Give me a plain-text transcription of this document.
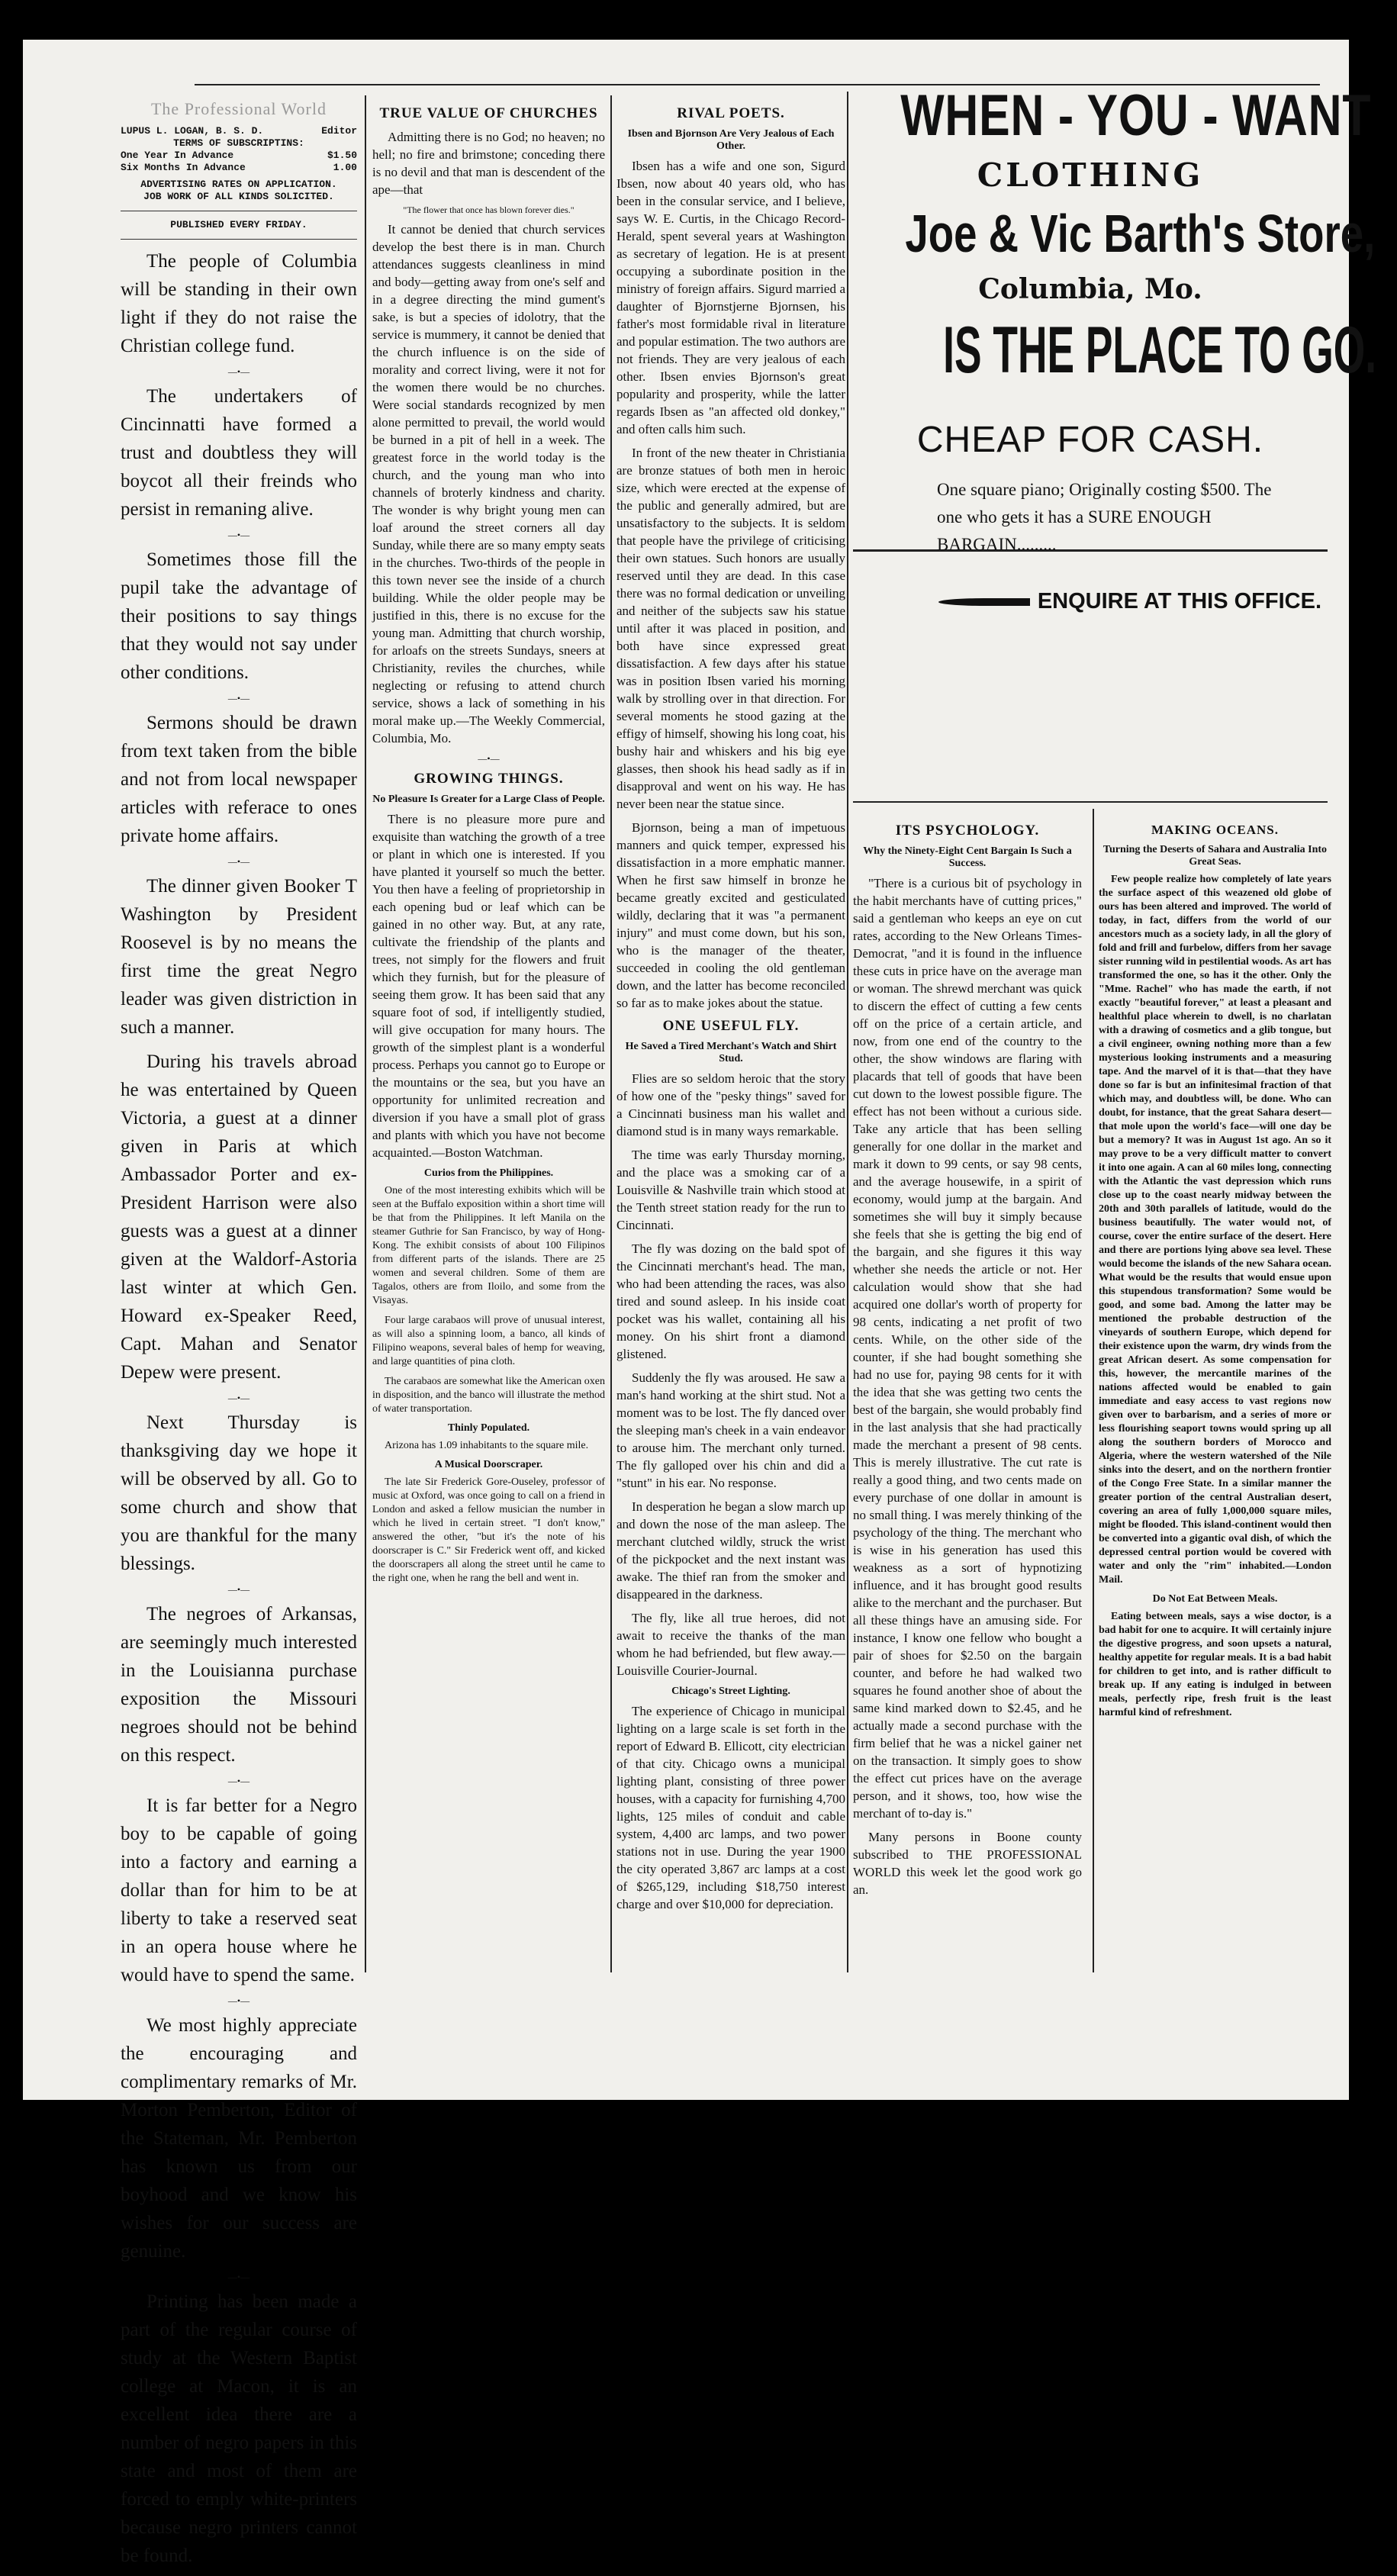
The Professional World
LUPUS L. LOGAN, B. S. D.	Editor
TERMS OF SUBSCRIPTINS:
One Year In Advance	$1.50
Six Months In Advance	1.00
ADVERTISING RATES ON APPLICATION.
JOB WORK OF ALL KINDS SOLICITED.
PUBLISHED EVERY FRIDAY.

The people of Columbia will be standing in their own light if they do not raise the Christian college fund.

—•—

The undertakers of Cincinnatti have formed a trust and doubtless they will boycot all their freinds who persist in remaning alive.

—•—

Sometimes those fill the pupil take the advantage of their positions to say things that they would not say under other conditions.

—•—

Sermons should be drawn from text taken from the bible and not from local newspaper articles with referace to ones private home affairs.

—•—

The dinner given Booker T Washington by President Roosevel is by no means the first time the great Negro leader was given distriction in such a manner.

During his travels abroad he was entertained by Queen Victoria, a guest at a dinner given in Paris at which Ambassador Porter and ex-President Harrison were also guests was a guest at a dinner given at the Waldorf-Astoria last winter at which Gen. Howard ex-Speaker Reed, Capt. Mahan and Senator Depew were present.

—•—

Next Thursday is thanksgiving day we hope it will be observed by all. Go to some church and show that you are thankful for the many blessings.

—•—

The negroes of Arkansas, are seemingly much interested in the Louisianna purchase exposition the Missouri negroes should not be behind on this respect.

—•—

It is far better for a Negro boy to be capable of going into a factory and earning a dollar than for him to be at liberty to take a reserved seat in an opera house where he would have to spend the same.

—•—

We most highly appreciate the encouraging and complimentary remarks of Mr. Morton Pemberton, Editor of the Stateman, Mr. Pemberton has known us from our boyhood and we know his wishes for our success are genuine.

—•—

Printing has been made a part of the regular course of study at the Western Baptist college at Macon, it is an excellent idea there are a number of negro papers in this state and most of them are forced to emply white-printers because negro printers cannot be found.

TRUE VALUE OF CHURCHES

Admitting there is no God; no heaven; no hell; no fire and brimstone; conceding there is no devil and that man is descendent of the ape—that

"The flower that once has blown forever dies."

It cannot be denied that church services develop the best there is in man. Church attendances suggests cleanliness in mind and body—getting away from one's self and in a degree directing the mind gument's sake, is but a species of idolotry, that the service is mummery, it cannot be denied that the church influence is on the side of morality and correct living, were it not for the women there would be no churches. Were social standards recognized by men alone permitted to prevail, the world would be burned in a pit of hell in a week. The greatest force in the world today is the church, and the young man who into channels of broterly kindness and charity. The wonder is why bright young men can loaf around the street corners all day Sunday, while there are so many empty seats in the churches. Two-thirds of the people in this town never see the inside of a church building. While the older people may be justified in this, there is no excuse for the young man. Admitting that church worship, for arloafs on the streets Sundays, sneers at Christianity, reviles the churches, while neglecting or refusing to attend church service, shows a lack of something in his moral make up.—The Weekly Commercial, Columbia, Mo.

—•—
GROWING THINGS.
No Pleasure Is Greater for a Large Class of People.

There is no pleasure more pure and exquisite than watching the growth of a tree or plant in which one is interested. If you have planted it yourself so much the better. You then have a feeling of proprietorship in each opening bud or leaf which can be gained in no other way. But, at any rate, cultivate the friendship of the plants and trees, not simply for the flowers and fruit which they furnish, but for the pleasure of seeing them grow. It has been said that any square foot of sod, if intelligently studied, will give occupation for many hours. The growth of the simplest plant is a wonderful process. Perhaps you cannot go to Europe or the mountains or the sea, but you have an opportunity for unlimited recreation and diversion if you have a small plot of grass and plants with which you have not become acquainted.—Boston Watchman.

Curios from the Philippines.

One of the most interesting exhibits which will be seen at the Buffalo exposition within a short time will be that from the Philippines. It left Manila on the steamer Guthrie for San Francisco, by way of Hong-Kong. The exhibit consists of about 100 Filipinos from different parts of the islands. There are 25 women and several children. Some of them are Tagalos, others are from Iloilo, and some from the Visayas.

Four large carabaos will prove of unusual interest, as will also a spinning loom, a banco, all kinds of Filipino weapons, several bales of hemp for weaving, and large quantities of pina cloth.

The carabaos are somewhat like the American oxen in disposition, and the banco will illustrate the method of water transportation.

Thinly Populated.

Arizona has 1.09 inhabitants to the square mile.

A Musical Doorscraper.

The late Sir Frederick Gore-Ouseley, professor of music at Oxford, was once going to call on a friend in London and asked a fellow musician the number in which he lived in certain street. "I don't know," answered the other, "but it's the note of his doorscraper is C." Sir Frederick went off, and kicked the doorscrapers all along the street until he came to the right one, when he rang the bell and went in.

RIVAL POETS.
Ibsen and Bjornson Are Very Jealous of Each Other.

Ibsen has a wife and one son, Sigurd Ibsen, now about 40 years old, who has been in the consular service, and I believe, says W. E. Curtis, in the Chicago Record-Herald, spent several years at Washington as secretary of legation. He is at present occupying a subordinate position in the ministry of foreign affairs. Sigurd married a daughter of Bjornstjerne Bjornsen, his father's most formidable rival in literature and popular estimation. The two authors are not friends. They are very jealous of each other. Ibsen envies Bjornson's great popularity and prosperity, while the latter regards Ibsen as "an affected old donkey," and often calls him such.

In front of the new theater in Christiania are bronze statues of both men in heroic size, which were erected at the expense of the public and generally admired, but are unsatisfactory to the subjects. It is seldom that people have the privilege of criticising their own statues. Such honors are usually reserved until they are dead. In this case there was no formal dedication or unveiling and neither of the subjects saw his statue until after it was placed in position, and both have since expressed great dissatisfaction. A few days after his statue was in position Ibsen varied his morning walk by strolling over in that direction. For several moments he stood gazing at the effigy of himself, showing his long coat, his bushy hair and whiskers and his big eye glasses, then shook his head sadly as if in disapproval and went on his way. He has never been near the statue since.

Bjornson, being a man of impetuous manners and quick temper, expressed his dissatisfaction in a more emphatic manner. When he first saw himself in bronze he became greatly excited and gesticulated wildly, declaring that it was "a permanent injury" and must come down, but his son, who is the manager of the theater, succeeded in cooling the old gentleman down, and the latter has become reconciled so far as to make jokes about the statue.

ONE USEFUL FLY.
He Saved a Tired Merchant's Watch and Shirt Stud.

Flies are so seldom heroic that the story of how one of the "pesky things" saved for a Cincinnati business man his wallet and diamond stud is in many ways remarkable.

The time was early Thursday morning, and the place was a smoking car of a Louisville & Nashville train which stood at the Tenth street station ready for the run to Cincinnati.

The fly was dozing on the bald spot of the Cincinnati merchant's head. The man, who had been attending the races, was also tired and sound asleep. In his inside coat pocket was his wallet, containing all his money. On his shirt front a diamond glistened.

Suddenly the fly was aroused. He saw a man's hand working at the shirt stud. Not a moment was to be lost. The fly danced over the sleeping man's cheek in a vain endeavor to arouse him. The merchant only turned. The fly galloped over his chin and did a "stunt" in his ear. No response.

In desperation he began a slow march up and down the nose of the man asleep. The merchant clutched wildly, struck the wrist of the pickpocket and the next instant was awake. The thief ran from the smoker and disappeared in the darkness.

The fly, like all true heroes, did not await to receive the thanks of the man whom he had befriended, but flew away.—Louisville Courier-Journal.

Chicago's Street Lighting.

The experience of Chicago in municipal lighting on a large scale is set forth in the report of Edward B. Ellicott, city electrician of that city. Chicago owns a municipal lighting plant, consisting of three power houses, with a capacity for furnishing 4,700 lights, 125 miles of conduit and cable system, 4,400 arc lamps, and two power stations not in use. During the year 1900 the city operated 3,867 arc lamps at a cost of $265,129, including $18,750 interest charge and over $10,000 for depreciation.

WHEN - YOU - WANT
CLOTHING
Joe & Vic Barth's Store,
Columbia, Mo.
IS THE PLACE TO GO.
CHEAP FOR CASH.
One square piano; Originally costing $500. The one who gets it has a SURE ENOUGH BARGAIN.........
ENQUIRE AT THIS OFFICE.
ITS PSYCHOLOGY.
Why the Ninety-Eight Cent Bargain Is Such a Success.

"There is a curious bit of psychology in the habit merchants have of cutting prices," said a gentleman who keeps an eye on cut rates, according to the New Orleans Times-Democrat, "and it is found in the influence these cuts in price have on the average man or woman. The shrewd merchant was quick to discern the effect of cutting a few cents off on the price of a certain article, and now, from one end of the country to the other, the show windows are flaring with placards that tell of goods that have been cut down to the lowest possible figure. The effect has not been without a curious side. Take any article that has been selling generally for one dollar in the market and mark it down to 99 cents, or say 98 cents, and the average housewife, in a spirit of economy, would jump at the bargain. And sometimes she will buy it simply because she feels that she is getting the big end of the bargain, and she figures it this way whether she needs the article or not. Her calculation would show that she had acquired one dollar's worth of property for 98 cents, indicating a net profit of two cents. While, on the other side of the counter, if she had bought something she had no use for, paying 98 cents for it with the idea that she was getting two cents the best of the bargain, she would probably find in the last analysis that she had practically made the merchant a present of 98 cents. This is merely illustrative. The cut rate is really a good thing, and two cents made on every purchase of one dollar in amount is no small thing. I was merely thinking of the psychology of the thing. The merchant who is wise in his generation has used this weakness as a sort of hypnotizing influence, and it has brought good results alike to the merchant and the purchaser. But all these things have an amusing side. For instance, I know one fellow who bought a pair of shoes for $2.50 on the bargain counter, and before he had walked two squares he found another shoe of about the same kind marked down to $2.45, and he actually made a second purchase with the firm belief that he was a nickel gainer net on the transaction. It simply goes to show the effect cut prices have on the average person, and it shows, too, how wise the merchant of to-day is."

Many persons in Boone county subscribed to THE PROFESSIONAL WORLD this week let the good work go an.

MAKING OCEANS.
Turning the Deserts of Sahara and Australia Into Great Seas.

Few people realize how completely of late years the surface aspect of this weazened old globe of ours has been altered and improved. The world of today, in fact, differs from the world of our ancestors much as a society lady, in all the glory of fold and frill and furbelow, differs from her savage sister running wild in pestilential woods. As art has transformed the one, so has it the other. Only the "Mme. Rachel" who has made the earth, if not exactly "beautiful forever," at least a pleasant and healthful place wherein to dwell, is no charlatan with a drawing of cosmetics and a glib tongue, but a civil engineer, owning nothing more than a few mysterious looking instruments and a measuring tape. And the marvel of it is that—that they have done so far is but an infinitesimal fraction of that which may, and doubtless will, be done. Who can doubt, for instance, that the great Sahara desert—that mole upon the world's face—will one day be but a memory? It was in August 1st ago. An so it may prove to be a very difficult matter to convert it into one again. A can al 60 miles long, connecting with the Atlantic the vast depression which runs close up to the coast nearly midway between the 20th and 30th parallels of latitude, would do the business beautifully. The water would not, of course, cover the entire surface of the desert. Here and there are portions lying above sea level. These would become the islands of the new Sahara ocean. What would be the results that would ensue upon this stupendous transformation? Some would be good, and some bad. Among the latter may be mentioned the probable destruction of the vineyards of southern Europe, which depend for their existence upon the warm, dry winds from the great African desert. As some compensation for this, however, the mercantile marines of the nations affected would be enabled to gain immediate and easy access to vast regions now given over to barbarism, and a series of more or less flourishing seaport towns would spring up all along the southern borders of Morocco and Algeria, where the western watershed of the Nile sinks into the desert, and on the northern frontier of the Congo Free State. In a similar manner the greater portion of the central Australian desert, covering an area of fully 1,000,000 square miles, might be flooded. This island-continent would then be converted into a gigantic oval dish, of which the depressed central portion would be covered with water and only the "rim" inhabited.—London Mail.

Do Not Eat Between Meals.

Eating between meals, says a wise doctor, is a bad habit for one to acquire. It will certainly injure the digestive progress, and soon upsets a natural, healthy appetite for regular meals. It is a bad habit for children to get into, and is rather difficult to break up. If any eating is indulged in between meals, perfectly ripe, fresh fruit is the least harmful kind of refreshment.
